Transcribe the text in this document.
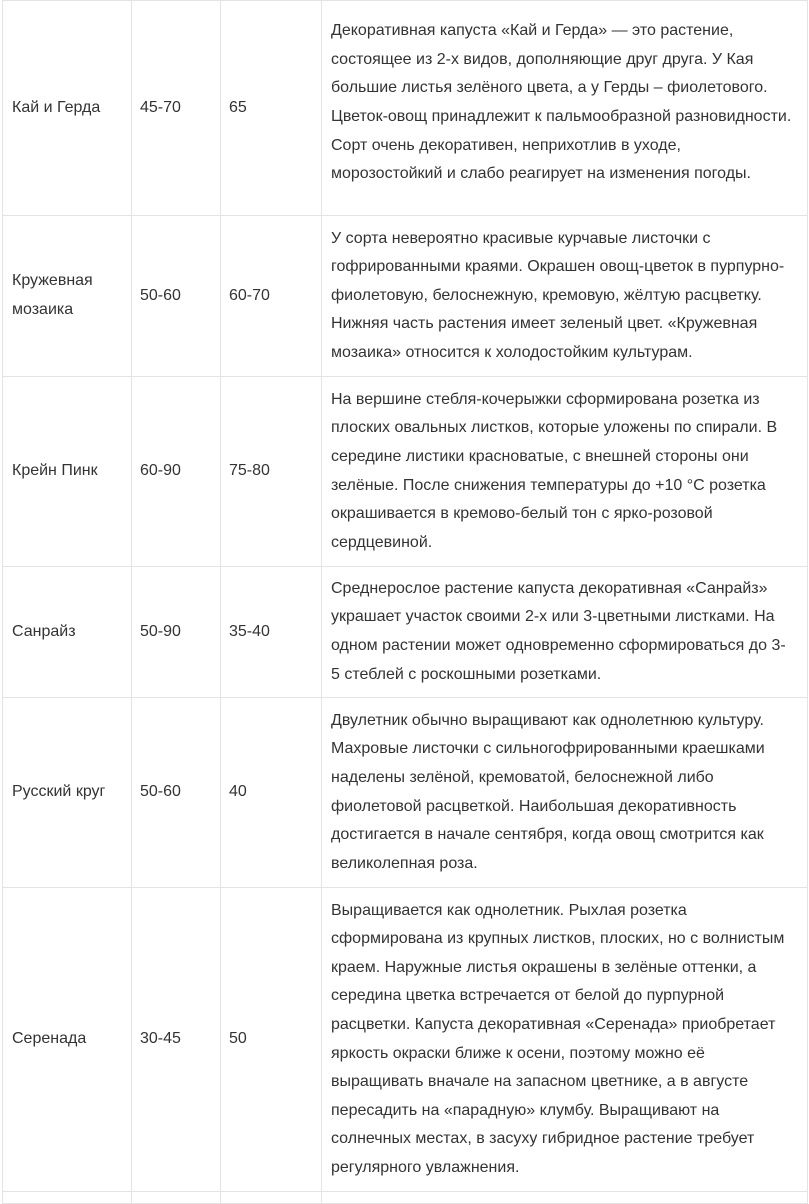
Кай и Герда	45-70	65	Декоративная капуста «Кай и Герда» — это растение, состоящее из 2-х видов, дополняющие друг друга. У Кая большие листья зелёного цвета, а у Герды – фиолетового. Цветок-овощ принадлежит к пальмообразной разновидности. Сорт очень декоративен, неприхотлив в уходе, морозостойкий и слабо реагирует на изменения погоды.
Кружевная мозаика	50-60	60-70	У сорта невероятно красивые курчавые листочки с гофрированными краями. Окрашен овощ-цветок в пурпурно-фиолетовую, белоснежную, кремовую, жёлтую расцветку. Нижняя часть растения имеет зеленый цвет. «Кружевная мозаика» относится к холодостойким культурам.
Крейн Пинк	60-90	75-80	На вершине стебля-кочерыжки сформирована розетка из плоских овальных листков, которые уложены по спирали. В середине листики красноватые, с внешней стороны они зелёные. После снижения температуры до +10 °С розетка окрашивается в кремово-белый тон с ярко-розовой сердцевиной.
Санрайз	50-90	35-40	Среднерослое растение капуста декоративная «Санрайз» украшает участок своими 2-х или 3-цветными листками. На одном растении может одновременно сформироваться до 3-5 стеблей с роскошными розетками.
Русский круг	50-60	40	Двулетник обычно выращивают как однолетнюю культуру. Махровые листочки с сильногофрированными краешками наделены зелёной, кремоватой, белоснежной либо фиолетовой расцветкой. Наибольшая декоративность достигается в начале сентября, когда овощ смотрится как великолепная роза.
Серенада	30-45	50	Выращивается как однолетник. Рыхлая розетка сформирована из крупных листков, плоских, но с волнистым краем. Наружные листья окрашены в зелёные оттенки, а середина цветка встречается от белой до пурпурной расцветки. Капуста декоративная «Серенада» приобретает яркость окраски ближе к осени, поэтому можно её выращивать вначале на запасном цветнике, а в августе пересадить на «парадную» клумбу. Выращивают на солнечных местах, в засуху гибридное растение требует регулярного увлажнения.
